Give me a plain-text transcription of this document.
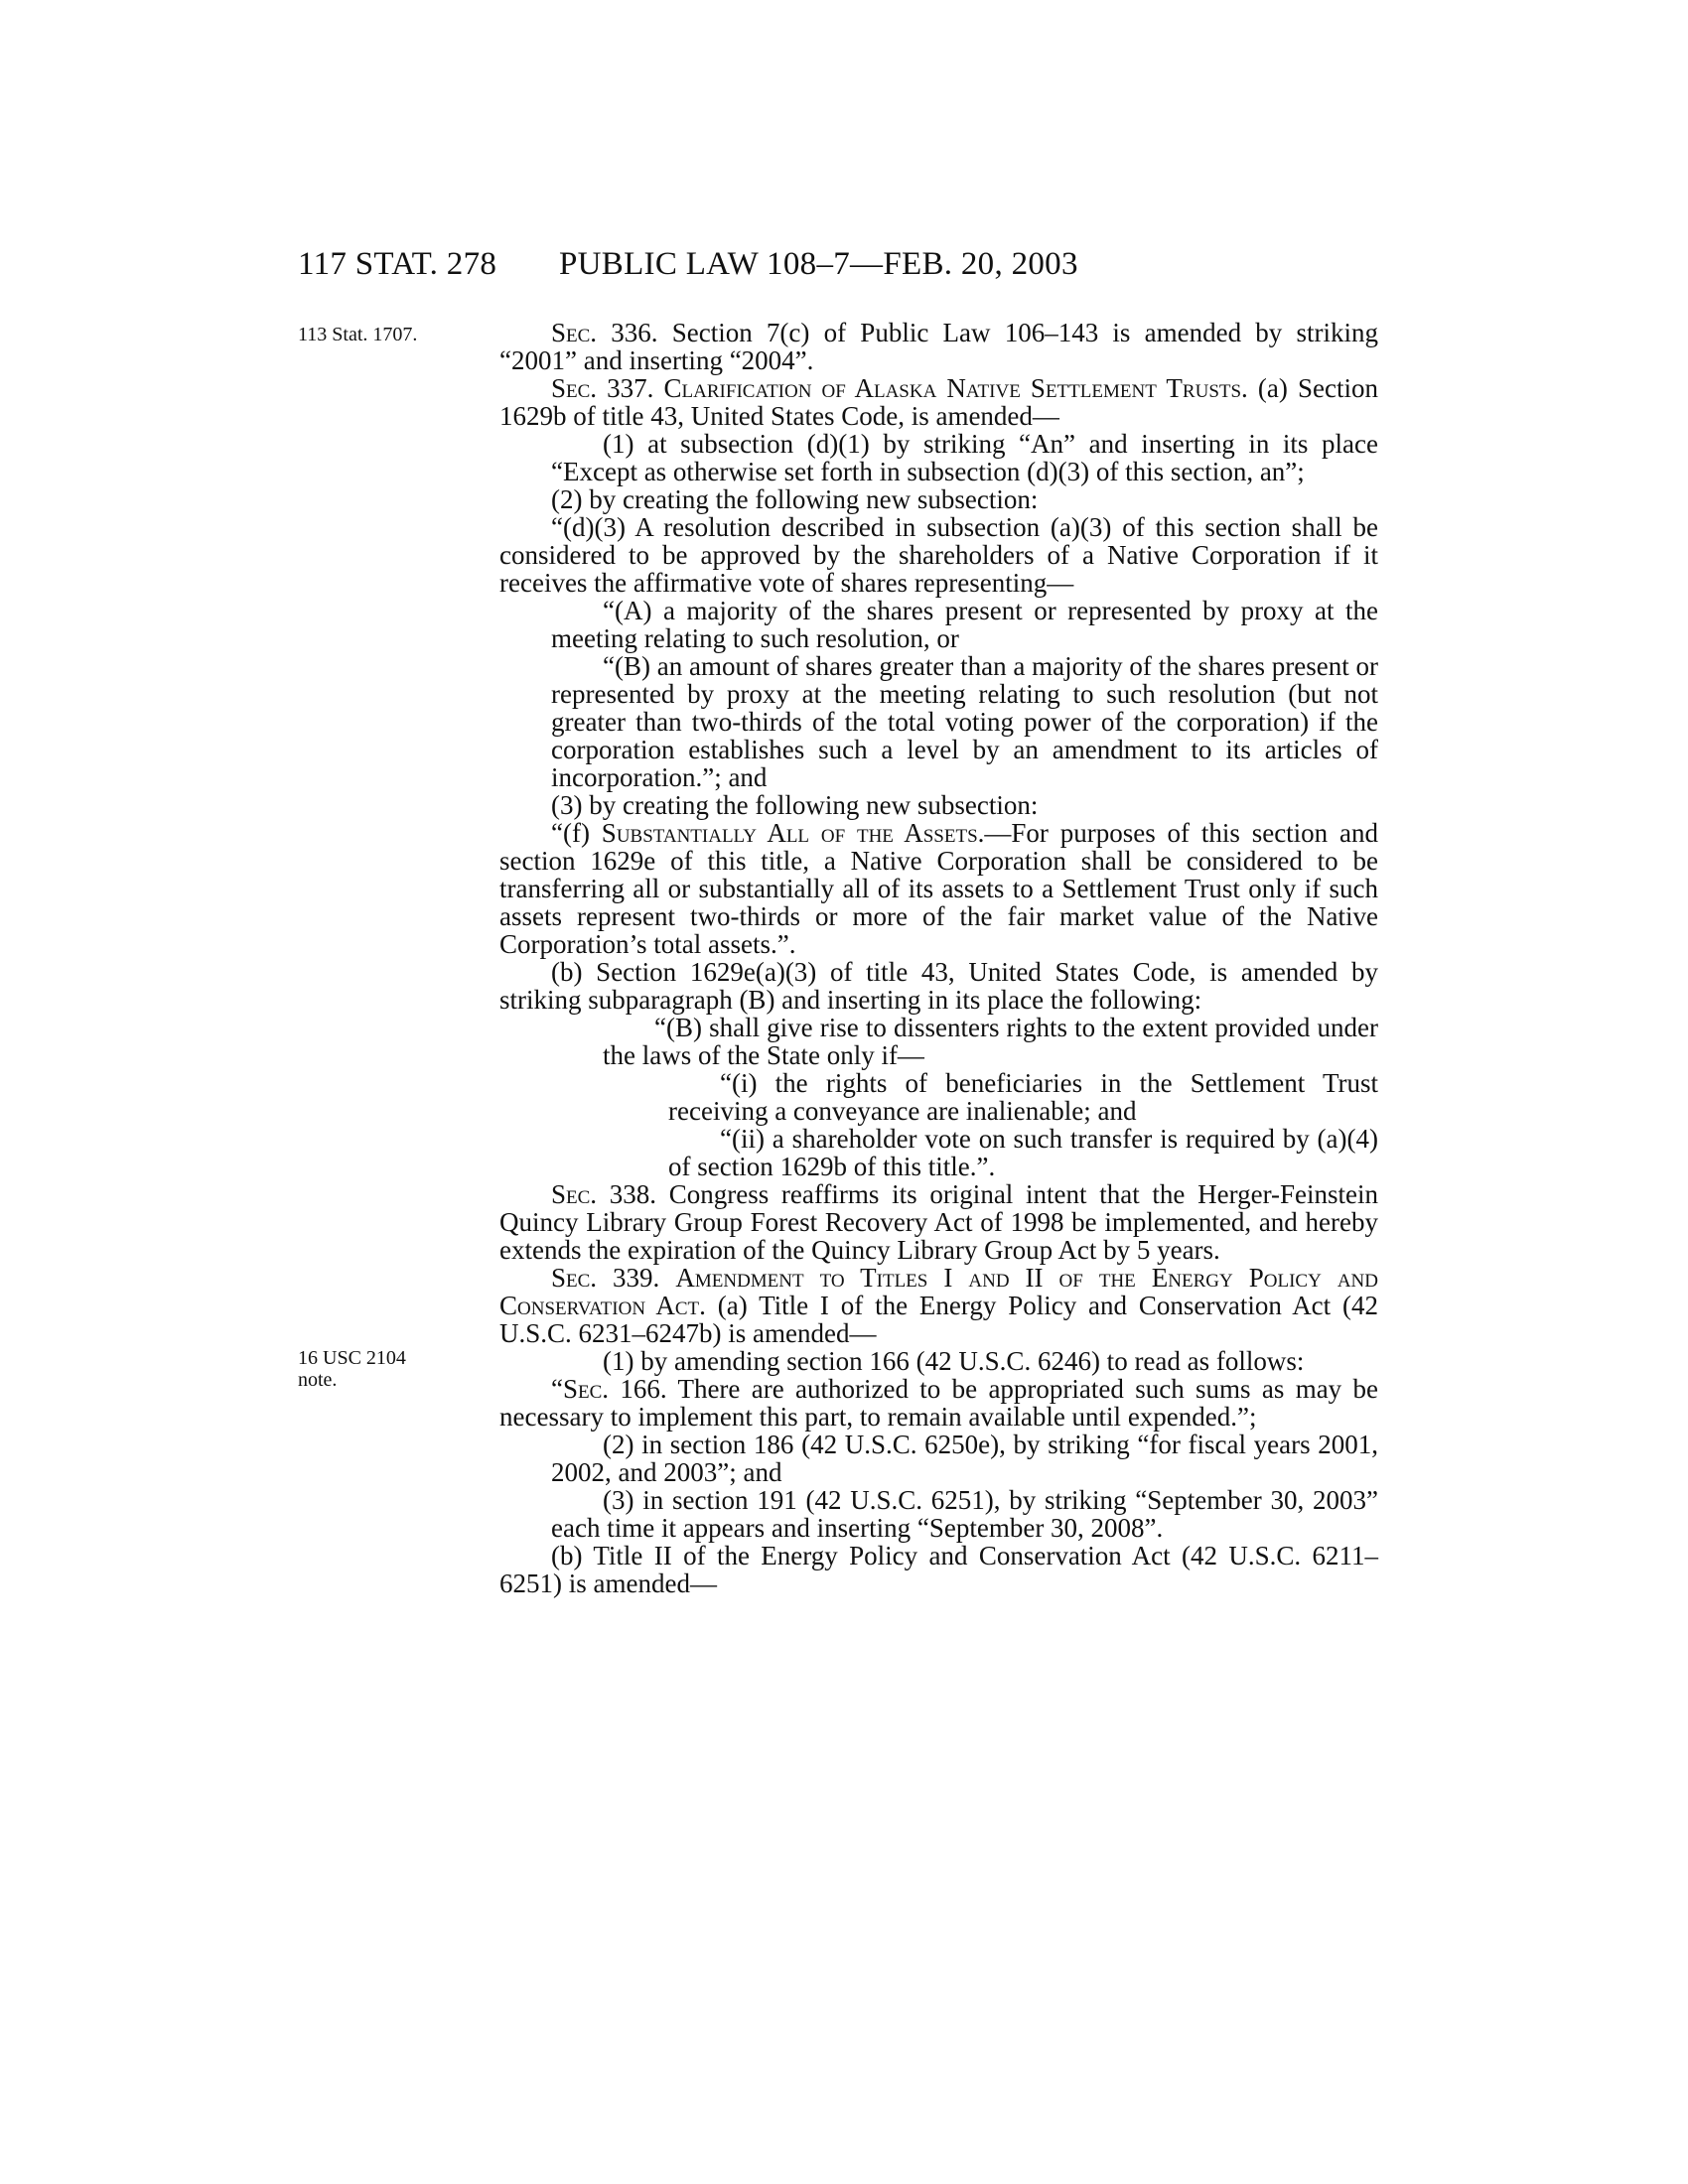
117 STAT. 278 PUBLIC LAW 108–7—FEB. 20, 2003
113 Stat. 1707.
16 USC 2104
note.

Sec. 336. Section 7(c) of Public Law 106–143 is amended by striking “2001” and inserting “2004”.

Sec. 337. Clarification of Alaska Native Settlement Trusts. (a) Section 1629b of title 43, United States Code, is amended—

(1) at subsection (d)(1) by striking “An” and inserting in its place “Except as otherwise set forth in subsection (d)(3) of this section, an”;

(2) by creating the following new subsection:

“(d)(3) A resolution described in subsection (a)(3) of this section shall be considered to be approved by the shareholders of a Native Corporation if it receives the affirmative vote of shares representing—

“(A) a majority of the shares present or represented by proxy at the meeting relating to such resolution, or

“(B) an amount of shares greater than a majority of the shares present or represented by proxy at the meeting relating to such resolution (but not greater than two-thirds of the total voting power of the corporation) if the corporation establishes such a level by an amendment to its articles of incorporation.”; and

(3) by creating the following new subsection:

“(f) Substantially All of the Assets.—For purposes of this section and section 1629e of this title, a Native Corporation shall be considered to be transferring all or substantially all of its assets to a Settlement Trust only if such assets represent two-thirds or more of the fair market value of the Native Corporation’s total assets.”.

(b) Section 1629e(a)(3) of title 43, United States Code, is amended by striking subparagraph (B) and inserting in its place the following:

“(B) shall give rise to dissenters rights to the extent provided under the laws of the State only if—

“(i) the rights of beneficiaries in the Settlement Trust receiving a conveyance are inalienable; and

“(ii) a shareholder vote on such transfer is required by (a)(4) of section 1629b of this title.”.

Sec. 338. Congress reaffirms its original intent that the Herger-Feinstein Quincy Library Group Forest Recovery Act of 1998 be implemented, and hereby extends the expiration of the Quincy Library Group Act by 5 years.

Sec. 339. Amendment to Titles I and II of the Energy Policy and Conservation Act. (a) Title I of the Energy Policy and Conservation Act (42 U.S.C. 6231–6247b) is amended—

(1) by amending section 166 (42 U.S.C. 6246) to read as follows:

“Sec. 166. There are authorized to be appropriated such sums as may be necessary to implement this part, to remain available until expended.”;

(2) in section 186 (42 U.S.C. 6250e), by striking “for fiscal years 2001, 2002, and 2003”; and

(3) in section 191 (42 U.S.C. 6251), by striking “September 30, 2003” each time it appears and inserting “September 30, 2008”.

(b) Title II of the Energy Policy and Conservation Act (42 U.S.C. 6211–6251) is amended—
